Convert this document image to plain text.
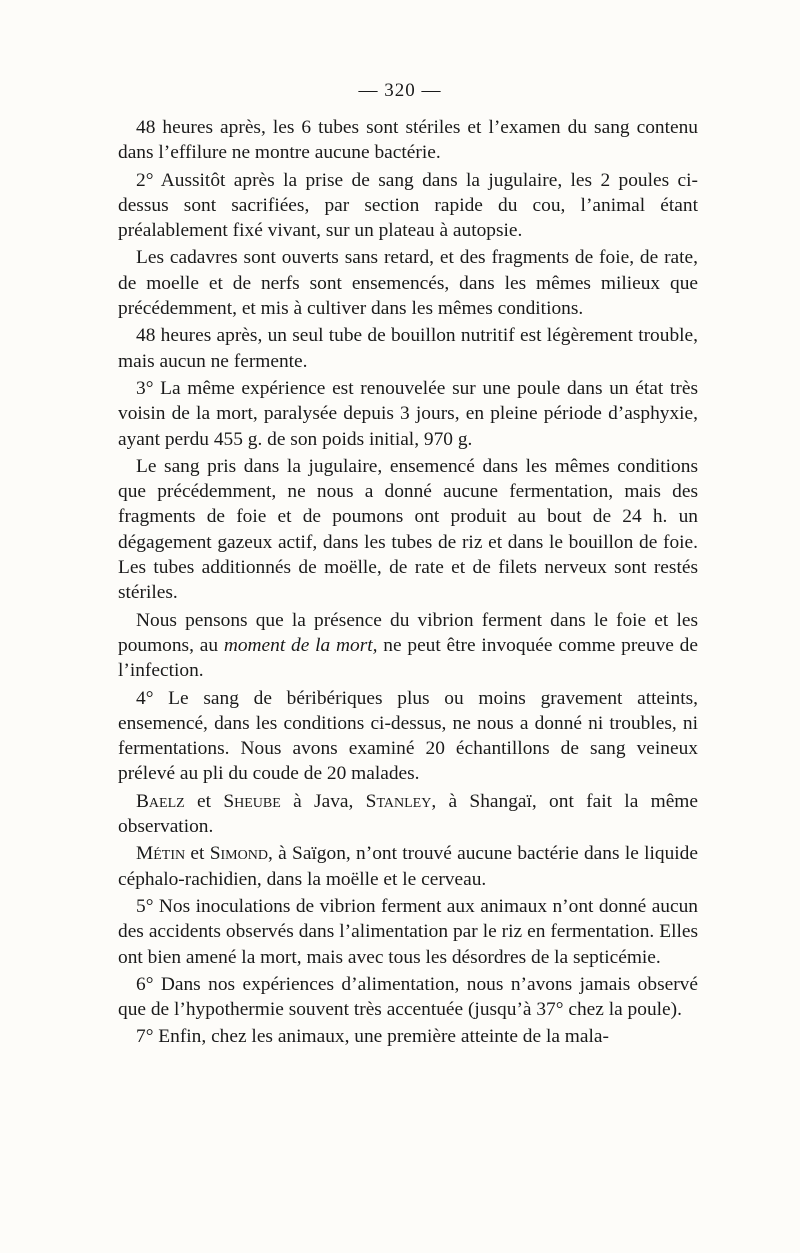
— 320 —

48 heures après, les 6 tubes sont stériles et l’examen du sang contenu dans l’effilure ne montre aucune bactérie.

2° Aussitôt après la prise de sang dans la jugulaire, les 2 poules ci-dessus sont sacrifiées, par section rapide du cou, l’animal étant préalablement fixé vivant, sur un plateau à autopsie.

Les cadavres sont ouverts sans retard, et des fragments de foie, de rate, de moelle et de nerfs sont ensemencés, dans les mêmes milieux que précédemment, et mis à cultiver dans les mêmes conditions.

48 heures après, un seul tube de bouillon nutritif est légèrement trouble, mais aucun ne fermente.

3° La même expérience est renouvelée sur une poule dans un état très voisin de la mort, paralysée depuis 3 jours, en pleine période d’asphyxie, ayant perdu 455 g. de son poids initial, 970 g.

Le sang pris dans la jugulaire, ensemencé dans les mêmes conditions que précédemment, ne nous a donné aucune fermentation, mais des fragments de foie et de poumons ont produit au bout de 24 h. un dégagement gazeux actif, dans les tubes de riz et dans le bouillon de foie. Les tubes additionnés de moëlle, de rate et de filets nerveux sont restés stériles.

Nous pensons que la présence du vibrion ferment dans le foie et les poumons, au moment de la mort, ne peut être invoquée comme preuve de l’infection.

4° Le sang de béribériques plus ou moins gravement atteints, ensemencé, dans les conditions ci-dessus, ne nous a donné ni troubles, ni fermentations. Nous avons examiné 20 échantillons de sang veineux prélevé au pli du coude de 20 malades.

Baelz et Sheube à Java, Stanley, à Shangaï, ont fait la même observation.

Métin et Simond, à Saïgon, n’ont trouvé aucune bactérie dans le liquide céphalo-rachidien, dans la moëlle et le cerveau.

5° Nos inoculations de vibrion ferment aux animaux n’ont donné aucun des accidents observés dans l’alimentation par le riz en fermentation. Elles ont bien amené la mort, mais avec tous les désordres de la septicémie.

6° Dans nos expériences d’alimentation, nous n’avons jamais observé que de l’hypothermie souvent très accentuée (jusqu’à 37° chez la poule).

7° Enfin, chez les animaux, une première atteinte de la mala-
